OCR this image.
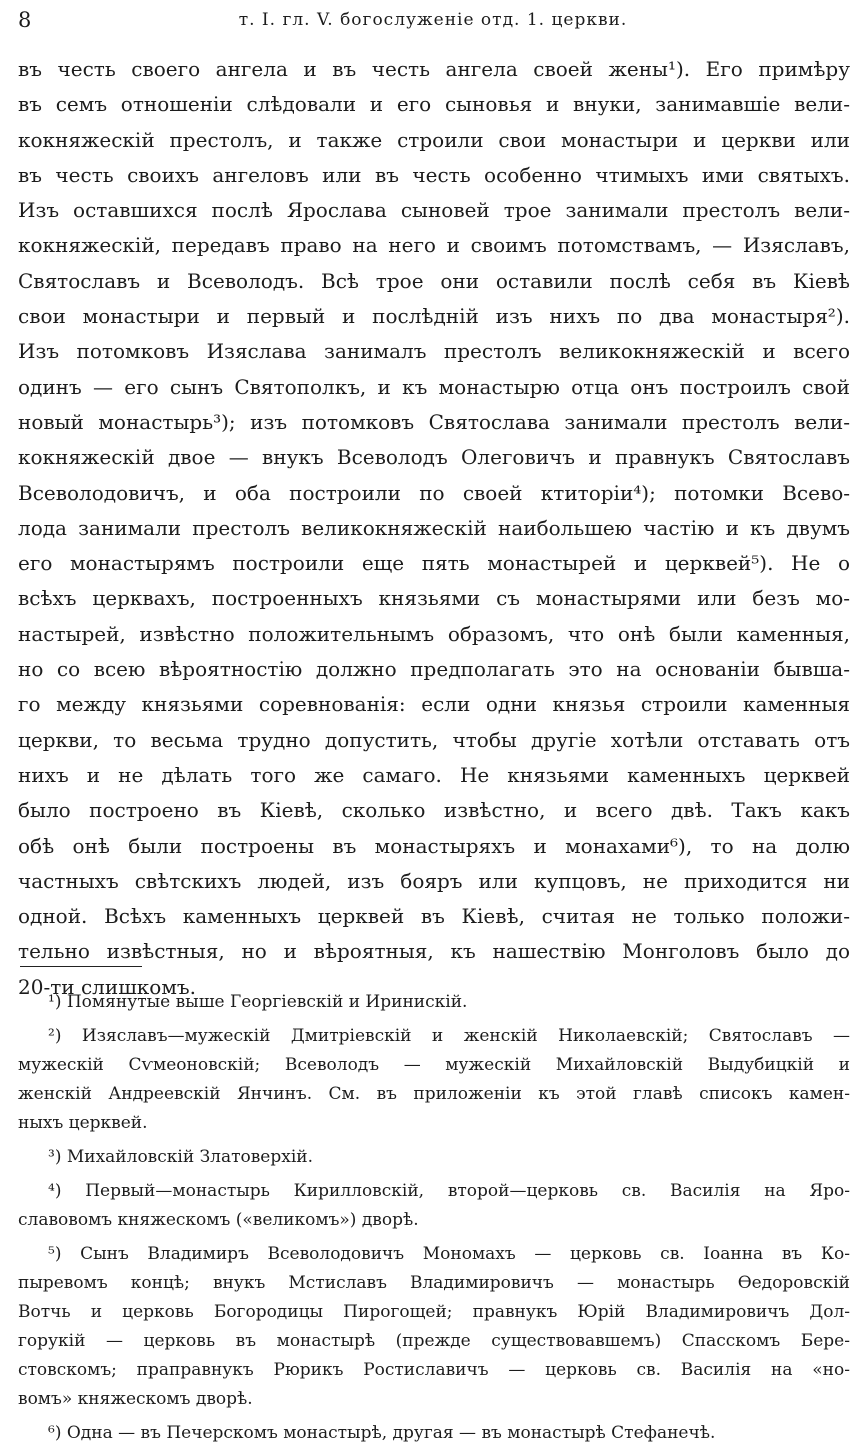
8	т. I. гл. V. богослуженiе отд. 1. церкви.
въ честь своего ангела и въ честь ангела своей жены¹). Его примѣру
въ семъ отношенiи слѣдовали и его сыновья и внуки, занимавшiе вели-
кокняжескiй престолъ, и также строили свои монастыри и церкви или
въ честь своихъ ангеловъ или въ честь особенно чтимыхъ ими святыхъ.
Изъ оставшихся послѣ Ярослава сыновей трое занимали престолъ вели-
кокняжескiй, передавъ право на него и своимъ потомствамъ, — Изяславъ,
Святославъ и Всеволодъ. Всѣ трое они оставили послѣ себя въ Кiевѣ
свои монастыри и первый и послѣднiй изъ нихъ по два монастыря²).
Изъ потомковъ Изяслава занималъ престолъ великокняжескiй и всего
одинъ — его сынъ Святополкъ, и къ монастырю отца онъ построилъ свой
новый монастырь³); изъ потомковъ Святослава занимали престолъ вели-
кокняжескiй двое — внукъ Всеволодъ Олеговичъ и правнукъ Святославъ
Всеволодовичъ, и оба построили по своей ктиторiи⁴); потомки Всево-
лода занимали престолъ великокняжескiй наибольшею частiю и къ двумъ
его монастырямъ построили еще пять монастырей и церквей⁵). Не о
всѣхъ церквахъ, построенныхъ князьями съ монастырями или безъ мо-
настырей, извѣстно положительнымъ образомъ, что онѣ были каменныя,
но со всею вѣроятностiю должно предполагать это на основанiи бывша-
го между князьями соревнованiя: если одни князья строили каменныя
церкви, то весьма трудно допустить, чтобы другiе хотѣли отставать отъ
нихъ и не дѣлать того же самаго. Не князьями каменныхъ церквей
было построено въ Кiевѣ, сколько извѣстно, и всего двѣ. Такъ какъ
обѣ онѣ были построены въ монастыряхъ и монахами⁶), то на долю
частныхъ свѣтскихъ людей, изъ бояръ или купцовъ, не приходится ни
одной. Всѣхъ каменныхъ церквей въ Кiевѣ, считая не только положи-
тельно извѣстныя, но и вѣроятныя, къ нашествiю Монголовъ было до
20-ти слишкомъ.
¹) Помянутые выше Георгiевскiй и Иринискiй.
²) Изяславъ—мужескiй Дмитрiевскiй и женскiй Николаевскiй; Святославъ —
мужескiй Сѵмеоновскiй; Всеволодъ — мужескiй Михайловскiй Выдубицкiй и
женскiй Андреевскiй Янчинъ. См. въ приложенiи къ этой главѣ списокъ камен-
ныхъ церквей.
³) Михайловскiй Златоверхiй.
⁴) Первый—монастырь Кирилловскiй, второй—церковь св. Василiя на Яро-
славовомъ княжескомъ («великомъ») дворѣ.
⁵) Сынъ Владимиръ Всеволодовичъ Мономахъ — церковь св. Iоанна въ Ко-
пыревомъ концѣ; внукъ Мстиславъ Владимировичъ — монастырь Ѳедоровскiй
Вотчь и церковь Богородицы Пирогощей; правнукъ Юрiй Владимировичъ Дол-
горукiй — церковь въ монастырѣ (прежде существовавшемъ) Спасскомъ Бере-
стовскомъ; праправнукъ Рюрикъ Ростиславичъ — церковь св. Василiя на «но-
вомъ» княжескомъ дворѣ.
⁶) Одна — въ Печерскомъ монастырѣ, другая — въ монастырѣ Стефанечѣ.
